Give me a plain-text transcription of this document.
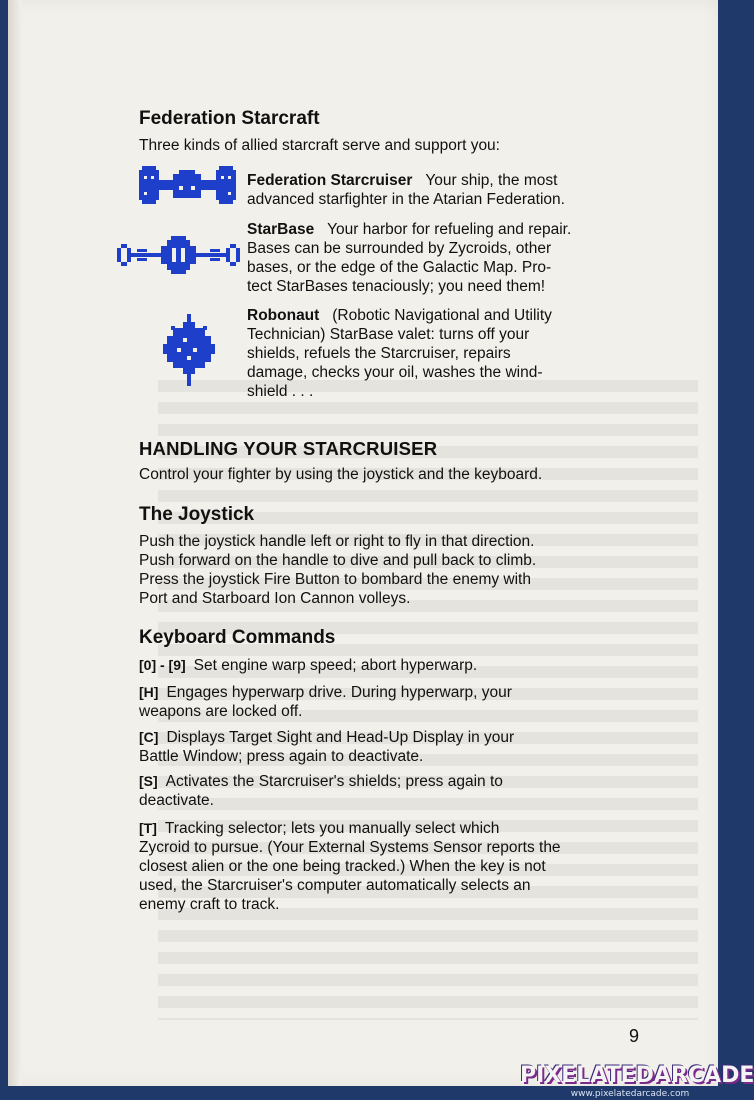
Federation Starcraft
Three kinds of allied starcraft serve and support you:
Federation Starcruiser Your ship, the most
advanced starfighter in the Atarian Federation.
StarBase Your harbor for refueling and repair.
Bases can be surrounded by Zycroids, other
bases, or the edge of the Galactic Map. Pro-
tect StarBases tenaciously; you need them!
Robonaut (Robotic Navigational and Utility
Technician) StarBase valet: turns off your
shields, refuels the Starcruiser, repairs
damage, checks your oil, washes the wind-
shield . . .
HANDLING YOUR STARCRUISER
Control your fighter by using the joystick and the keyboard.
The Joystick
Push the joystick handle left or right to fly in that direction.
Push forward on the handle to dive and pull back to climb.
Press the joystick Fire Button to bombard the enemy with
Port and Starboard Ion Cannon volleys.
Keyboard Commands
[0] - [9] Set engine warp speed; abort hyperwarp.
[H] Engages hyperwarp drive. During hyperwarp, your
weapons are locked off.
[C] Displays Target Sight and Head-Up Display in your
Battle Window; press again to deactivate.
[S] Activates the Starcruiser's shields; press again to
deactivate.
[T] Tracking selector; lets you manually select which
Zycroid to pursue. (Your External Systems Sensor reports the
closest alien or the one being tracked.) When the key is not
used, the Starcruiser's computer automatically selects an
enemy craft to track.
9
PIXELATEDARCADE
www.pixelatedarcade.com
